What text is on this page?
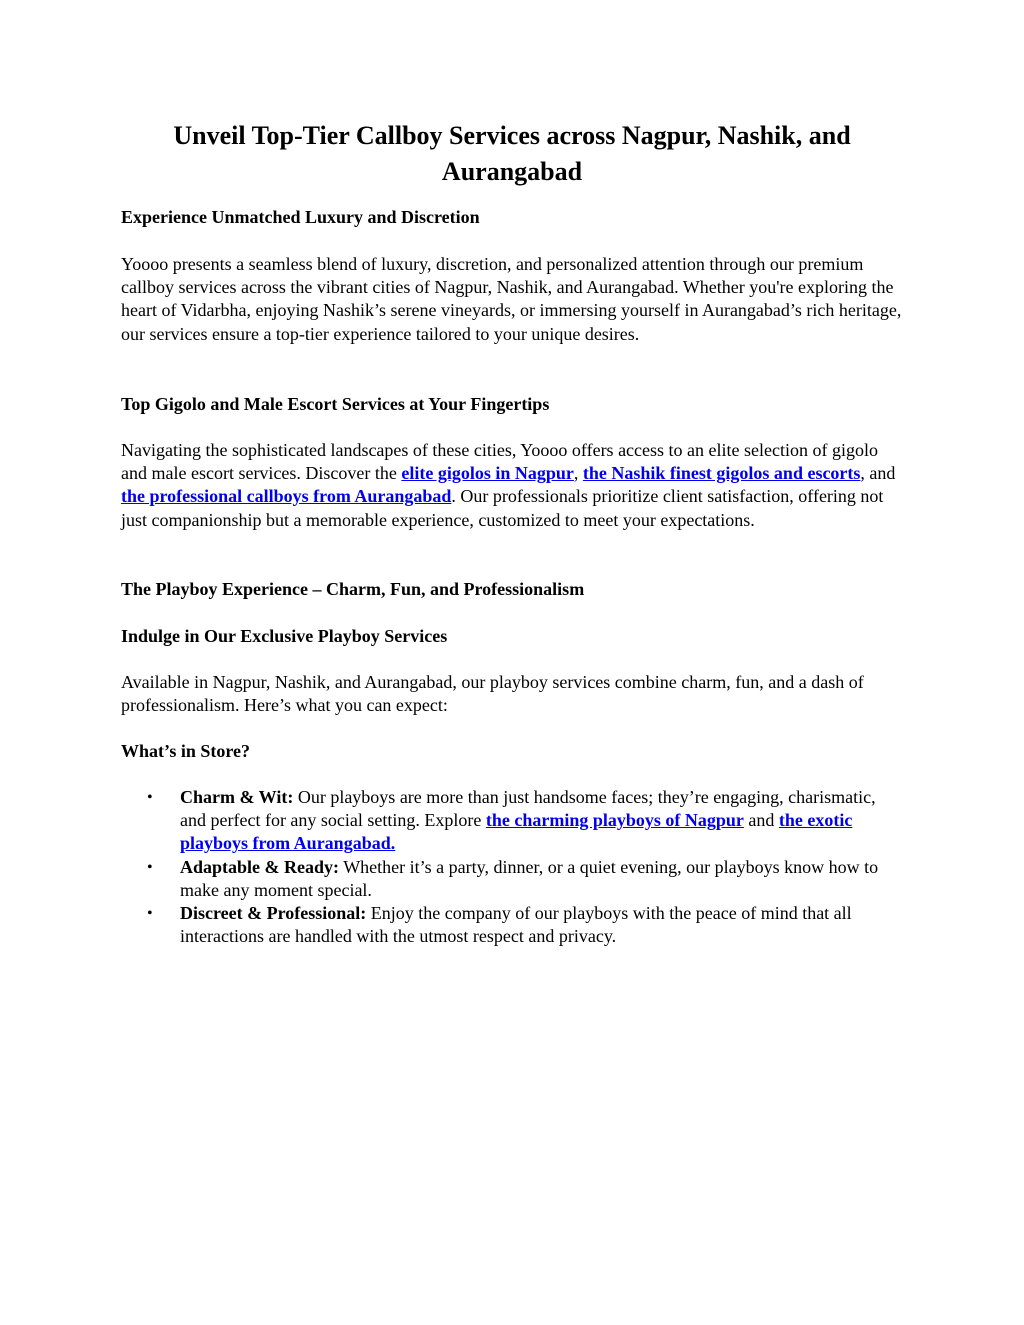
Unveil Top-Tier Callboy Services across Nagpur, Nashik, and Aurangabad
Experience Unmatched Luxury and Discretion

Yoooo presents a seamless blend of luxury, discretion, and personalized attention through our premium callboy services across the vibrant cities of Nagpur, Nashik, and Aurangabad. Whether you're exploring the heart of Vidarbha, enjoying Nashik’s serene vineyards, or immersing yourself in Aurangabad’s rich heritage, our services ensure a top-tier experience tailored to your unique desires.

Top Gigolo and Male Escort Services at Your Fingertips

Navigating the sophisticated landscapes of these cities, Yoooo offers access to an elite selection of gigolo and male escort services. Discover the elite gigolos in Nagpur, the Nashik finest gigolos and escorts, and the professional callboys from Aurangabad. Our professionals prioritize client satisfaction, offering not just companionship but a memorable experience, customized to meet your expectations.

The Playboy Experience – Charm, Fun, and Professionalism
Indulge in Our Exclusive Playboy Services

Available in Nagpur, Nashik, and Aurangabad, our playboy services combine charm, fun, and a dash of professionalism. Here’s what you can expect:

What’s in Store?
• Charm & Wit: Our playboys are more than just handsome faces; they’re engaging, charismatic, and perfect for any social setting. Explore the charming playboys of Nagpur and the exotic playboys from Aurangabad.
• Adaptable & Ready: Whether it’s a party, dinner, or a quiet evening, our playboys know how to make any moment special.
• Discreet & Professional: Enjoy the company of our playboys with the peace of mind that all interactions are handled with the utmost respect and privacy.
